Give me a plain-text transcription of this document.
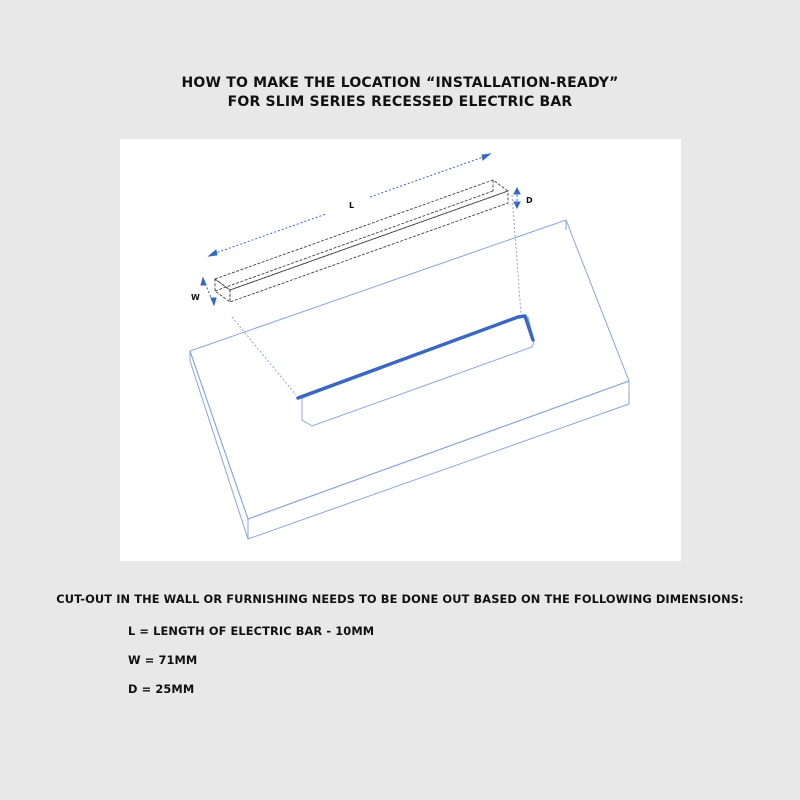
HOW TO MAKE THE LOCATION “INSTALLATION-READY”
FOR SLIM SERIES RECESSED ELECTRIC BAR
L
W
D
CUT-OUT IN THE WALL OR FURNISHING NEEDS TO BE DONE OUT BASED ON THE FOLLOWING DIMENSIONS:
L = LENGTH OF ELECTRIC BAR - 10MM
W = 71MM
D = 25MM
